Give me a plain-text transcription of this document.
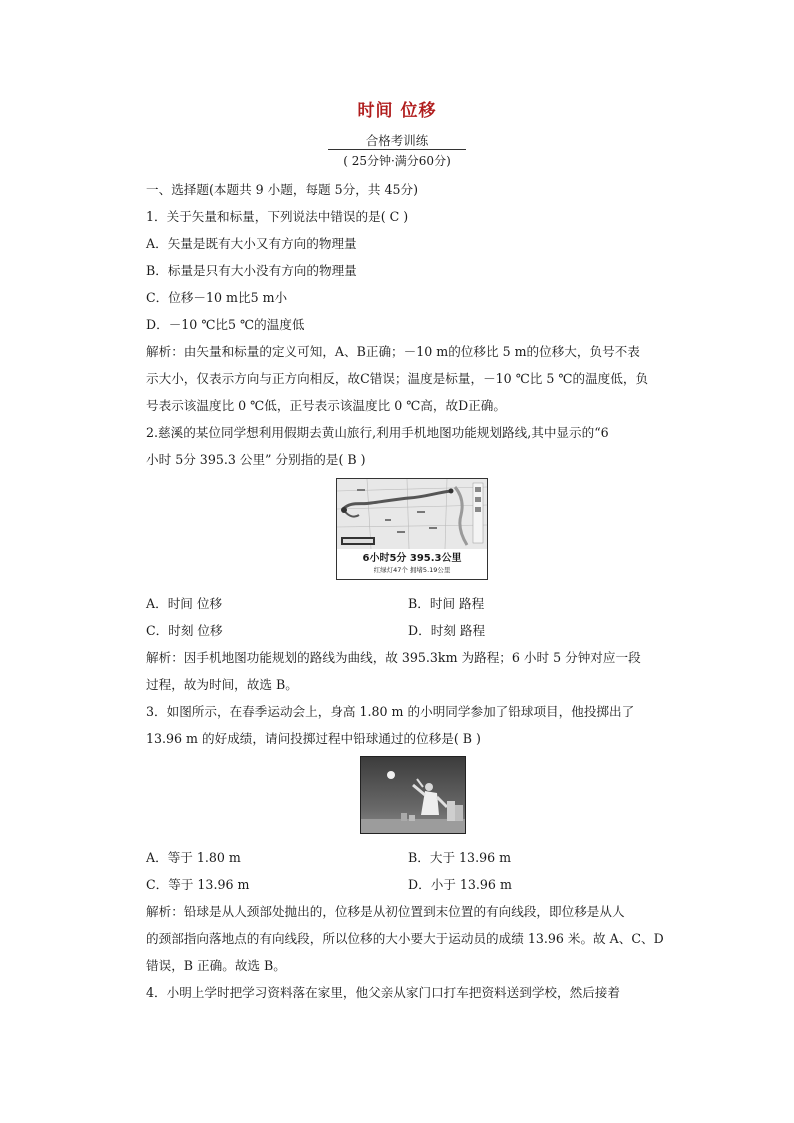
时间 位移
合格考训练
( 25分钟·满分60分)
一、选择题(本题共 9 小题，每题 5分，共 45分)
1．关于矢量和标量，下列说法中错误的是( C )
A．矢量是既有大小又有方向的物理量
B．标量是只有大小没有方向的物理量
C．位移－10 m比5 m小
D．－10 ℃比5 ℃的温度低
解析：由矢量和标量的定义可知，A、B正确；－10 m的位移比 5 m的位移大，负号不表
示大小，仅表示方向与正方向相反，故C错误；温度是标量，－10 ℃比 5 ℃的温度低，负
号表示该温度比 0 ℃低，正号表示该温度比 0 ℃高，故D正确。
2.慈溪的某位同学想利用假期去黄山旅行,利用手机地图功能规划路线,其中显示的“6
小时 5分 395.3 公里” 分别指的是( B )
6小时5分 395.3公里
红绿灯47个 拥堵5.19公里
A．时间 位移	B．时间 路程
C．时刻 位移	D．时刻 路程
解析：因手机地图功能规划的路线为曲线，故 395.3km 为路程；6 小时 5 分钟对应一段
过程，故为时间，故选 B。
3．如图所示，在春季运动会上，身高 1.80 m 的小明同学参加了铅球项目，他投掷出了
13.96 m 的好成绩，请问投掷过程中铅球通过的位移是( B )
A．等于 1.80 m	B．大于 13.96 m
C．等于 13.96 m	D．小于 13.96 m
解析：铅球是从人颈部处抛出的，位移是从初位置到末位置的有向线段，即位移是从人
的颈部指向落地点的有向线段，所以位移的大小要大于运动员的成绩 13.96 米。故 A、C、D
错误，B 正确。故选 B。
4．小明上学时把学习资料落在家里，他父亲从家门口打车把资料送到学校，然后接着
